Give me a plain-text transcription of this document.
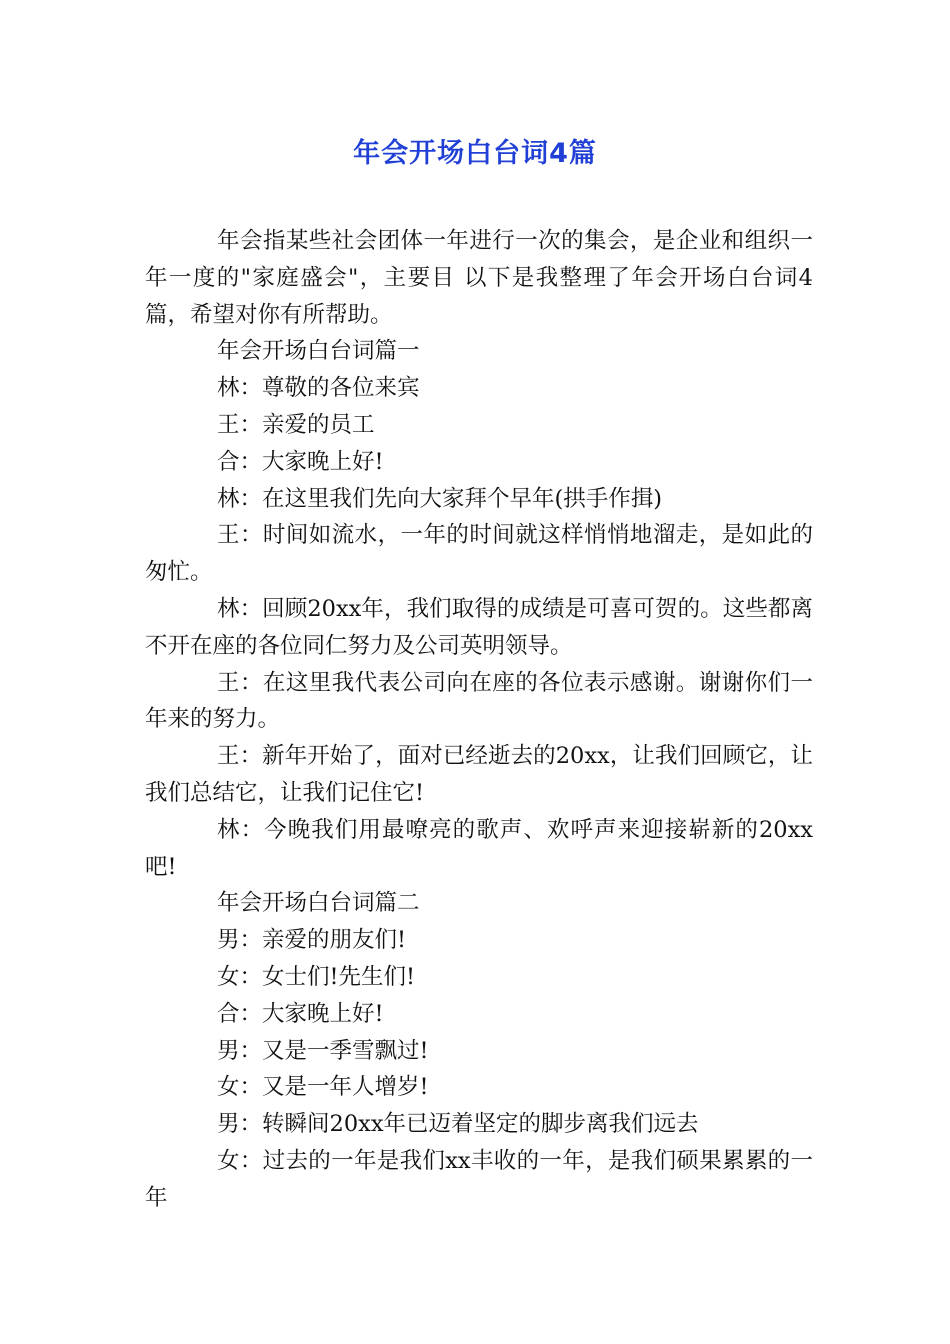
年会开场白台词4篇

年会指某些社会团体一年进行一次的集会，是企业和组织一年一度的"家庭盛会"，主要目 以下是我整理了年会开场白台词4篇，希望对你有所帮助。

年会开场白台词篇一

林：尊敬的各位来宾

王：亲爱的员工

合：大家晚上好!

林：在这里我们先向大家拜个早年(拱手作揖)

王：时间如流水，一年的时间就这样悄悄地溜走，是如此的匆忙。

林：回顾20xx年，我们取得的成绩是可喜可贺的。这些都离不开在座的各位同仁努力及公司英明领导。

王：在这里我代表公司向在座的各位表示感谢。谢谢你们一年来的努力。

王：新年开始了，面对已经逝去的20xx，让我们回顾它，让我们总结它，让我们记住它!

林：今晚我们用最嘹亮的歌声、欢呼声来迎接崭新的20xx吧!

年会开场白台词篇二

男：亲爱的朋友们!

女：女士们!先生们!

合：大家晚上好!

男：又是一季雪飘过!

女：又是一年人增岁!

男：转瞬间20xx年已迈着坚定的脚步离我们远去

女：过去的一年是我们xx丰收的一年，是我们硕果累累的一年
